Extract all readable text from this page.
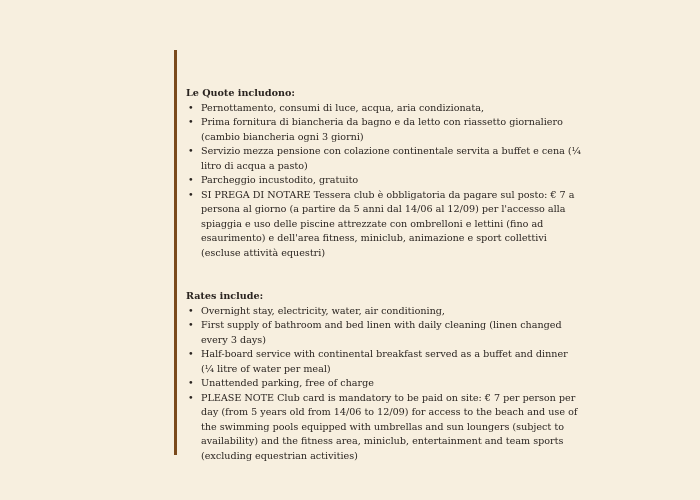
Le Quote includono:

• Pernottamento, consumi di luce, acqua, aria condizionata,
• Prima fornitura di biancheria da bagno e da letto con riassetto giornaliero (cambio biancheria ogni 3 giorni)
• Servizio mezza pensione con colazione continentale servita a buffet e cena (¼ litro di acqua a pasto)
• Parcheggio incustodito, gratuito
• SI PREGA DI NOTARE Tessera club è obbligatoria da pagare sul posto: € 7 a persona al giorno (a partire da 5 anni dal 14/06 al 12/09) per l'accesso alla spiaggia e uso delle piscine attrezzate con ombrelloni e lettini (fino ad esaurimento) e dell'area fitness, miniclub, animazione e sport collettivi (escluse attività equestri)

Rates include:

• Overnight stay, electricity, water, air conditioning,
• First supply of bathroom and bed linen with daily cleaning (linen changed every 3 days)
• Half-board service with continental breakfast served as a buffet and dinner (¼ litre of water per meal)
• Unattended parking, free of charge
• PLEASE NOTE Club card is mandatory to be paid on site: € 7 per person per day (from 5 years old from 14/06 to 12/09) for access to the beach and use of the swimming pools equipped with umbrellas and sun loungers (subject to availability) and the fitness area, miniclub, entertainment and team sports (excluding equestrian activities)
